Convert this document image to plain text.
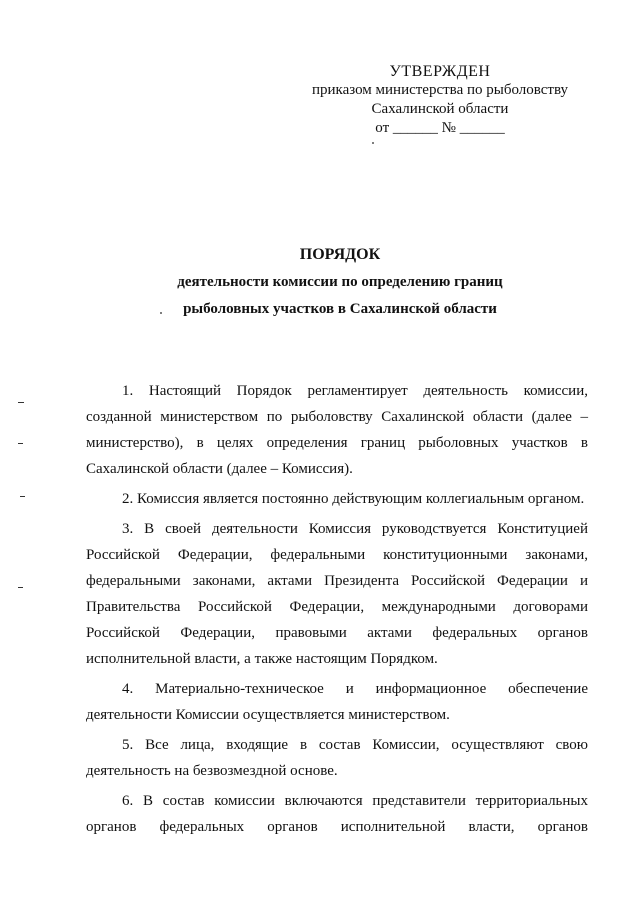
УТВЕРЖДЕН
приказом министерства по рыболовству
Сахалинской области
от ______ № ______
ПОРЯДОК
деятельности комиссии по определению границ
рыболовных участков в Сахалинской области

1. Настоящий Порядок регламентирует деятельность комиссии, созданной министерством по рыболовству Сахалинской области (далее – министерство), в целях определения границ рыболовных участков в Сахалинской области (далее – Комиссия).

2. Комиссия является постоянно действующим коллегиальным органом.

3. В своей деятельности Комиссия руководствуется Конституцией Российской Федерации, федеральными конституционными законами, федеральными законами, актами Президента Российской Федерации и Правительства Российской Федерации, международными договорами Российской Федерации, правовыми актами федеральных органов исполнительной власти, а также настоящим Порядком.

4. Материально-техническое и информационное обеспечение деятельности Комиссии осуществляется министерством.

5. Все лица, входящие в состав Комиссии, осуществляют свою деятельность на безвозмездной основе.

6. В состав комиссии включаются представители территориальных органов федеральных органов исполнительной власти, органов
